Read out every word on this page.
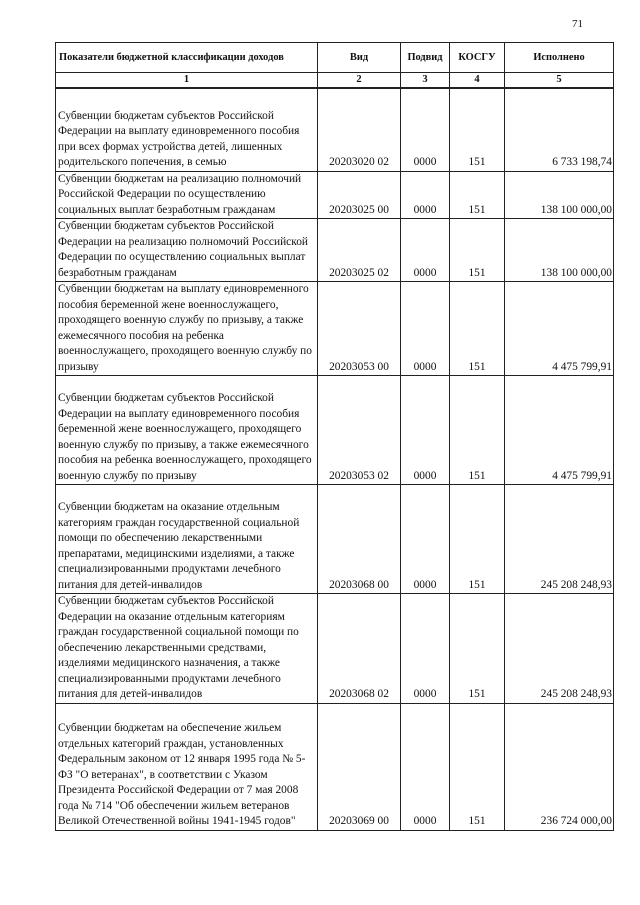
71
Показатели бюджетной классификации доходов	Вид	Подвид	КОСГУ	Исполнено
1	2	3	4	5
Субвенции бюджетам субъектов Российской Федерации на выплату единовременного пособия при всех формах устройства детей, лишенных родительского попечения, в семью	20203020 02	0000	151	6 733 198,74
Субвенции бюджетам на реализацию полномочий Российской Федерации по осуществлению социальных выплат безработным гражданам	20203025 00	0000	151	138 100 000,00
Субвенции бюджетам субъектов Российской Федерации на реализацию полномочий Российской Федерации по осуществлению социальных выплат безработным гражданам	20203025 02	0000	151	138 100 000,00
Субвенции бюджетам на выплату единовременного пособия беременной жене военнослужащего, проходящего военную службу по призыву, а также ежемесячного пособия на ребенка военнослужащего, проходящего военную службу по призыву	20203053 00	0000	151	4 475 799,91
Субвенции бюджетам субъектов Российской Федерации на выплату единовременного пособия беременной жене военнослужащего, проходящего военную службу по призыву, а также ежемесячного пособия на ребенка военнослужащего, проходящего военную службу по призыву	20203053 02	0000	151	4 475 799,91
Субвенции бюджетам на оказание отдельным категориям граждан государственной социальной помощи по обеспечению лекарственными препаратами, медицинскими изделиями, а также специализированными продуктами лечебного питания для детей-инвалидов	20203068 00	0000	151	245 208 248,93
Субвенции бюджетам субъектов Российской Федерации на оказание отдельным категориям граждан государственной социальной помощи по обеспечению лекарственными средствами, изделиями медицинского назначения, а также специализированными продуктами лечебного питания для детей-инвалидов	20203068 02	0000	151	245 208 248,93
Субвенции бюджетам на обеспечение жильем отдельных категорий граждан, установленных Федеральным законом от 12 января 1995 года № 5-ФЗ "О ветеранах", в соответствии с Указом Президента Российской Федерации от 7 мая 2008 года № 714 "Об обеспечении жильем ветеранов Великой Отечественной войны 1941-1945 годов"	20203069 00	0000	151	236 724 000,00
